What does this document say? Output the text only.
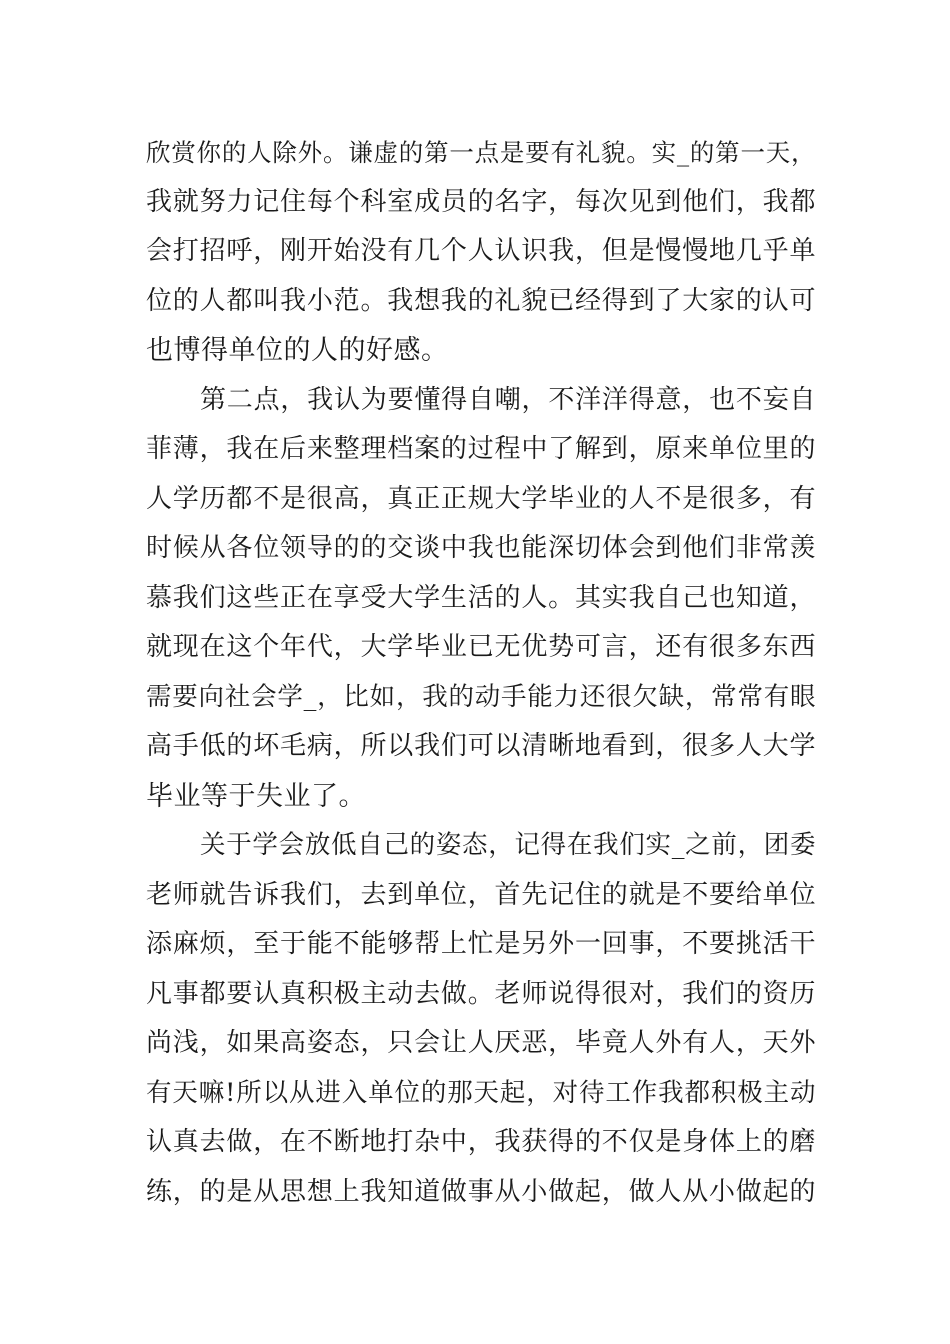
欣赏你的人除外。谦虚的第一点是要有礼貌。实_的第一天，
我就努力记住每个科室成员的名字，每次见到他们，我都
会打招呼，刚开始没有几个人认识我，但是慢慢地几乎单
位的人都叫我小范。我想我的礼貌已经得到了大家的认可
也博得单位的人的好感。
第二点，我认为要懂得自嘲，不洋洋得意，也不妄自
菲薄，我在后来整理档案的过程中了解到，原来单位里的
人学历都不是很高，真正正规大学毕业的人不是很多，有
时候从各位领导的的交谈中我也能深切体会到他们非常羡
慕我们这些正在享受大学生活的人。其实我自己也知道，
就现在这个年代，大学毕业已无优势可言，还有很多东西
需要向社会学_，比如，我的动手能力还很欠缺，常常有眼
高手低的坏毛病，所以我们可以清晰地看到，很多人大学
毕业等于失业了。
关于学会放低自己的姿态，记得在我们实_之前，团委
老师就告诉我们，去到单位，首先记住的就是不要给单位
添麻烦，至于能不能够帮上忙是另外一回事，不要挑活干
凡事都要认真积极主动去做。老师说得很对，我们的资历
尚浅，如果高姿态，只会让人厌恶，毕竟人外有人，天外
有天嘛!所以从进入单位的那天起，对待工作我都积极主动
认真去做，在不断地打杂中，我获得的不仅是身体上的磨
练，的是从思想上我知道做事从小做起，做人从小做起的
